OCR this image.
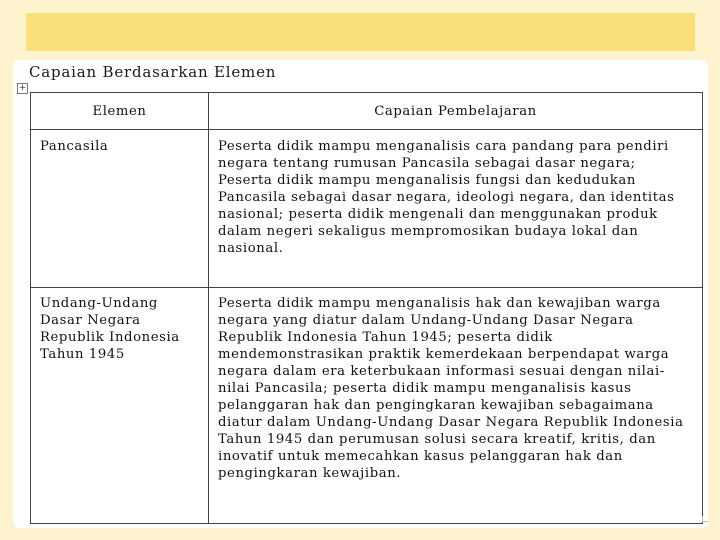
Capaian Berdasarkan Elemen
+
Elemen	Capaian Pembelajaran
Pancasila	Peserta didik mampu menganalisis cara pandang para pendiri negara tentang rumusan Pancasila sebagai dasar negara; Peserta didik mampu menganalisis fungsi dan kedudukan Pancasila sebagai dasar negara, ideologi negara, dan identitas nasional; peserta didik mengenali dan menggunakan produk dalam negeri sekaligus mempromosikan budaya lokal dan nasional.
Undang-Undang Dasar Negara Republik Indonesia Tahun 1945	Peserta didik mampu menganalisis hak dan kewajiban warga negara yang diatur dalam Undang-Undang Dasar Negara Republik Indonesia Tahun 1945; peserta didik mendemonstrasikan praktik kemerdekaan berpendapat warga negara dalam era keterbukaan informasi sesuai dengan nilai-nilai Pancasila; peserta didik mampu menganalisis kasus pelanggaran hak dan pengingkaran kewajiban sebagaimana diatur dalam Undang-Undang Dasar Negara Republik Indonesia Tahun 1945 dan perumusan solusi secara kreatif, kritis, dan inovatif untuk memecahkan kasus pelanggaran hak dan pengingkaran kewajiban.
